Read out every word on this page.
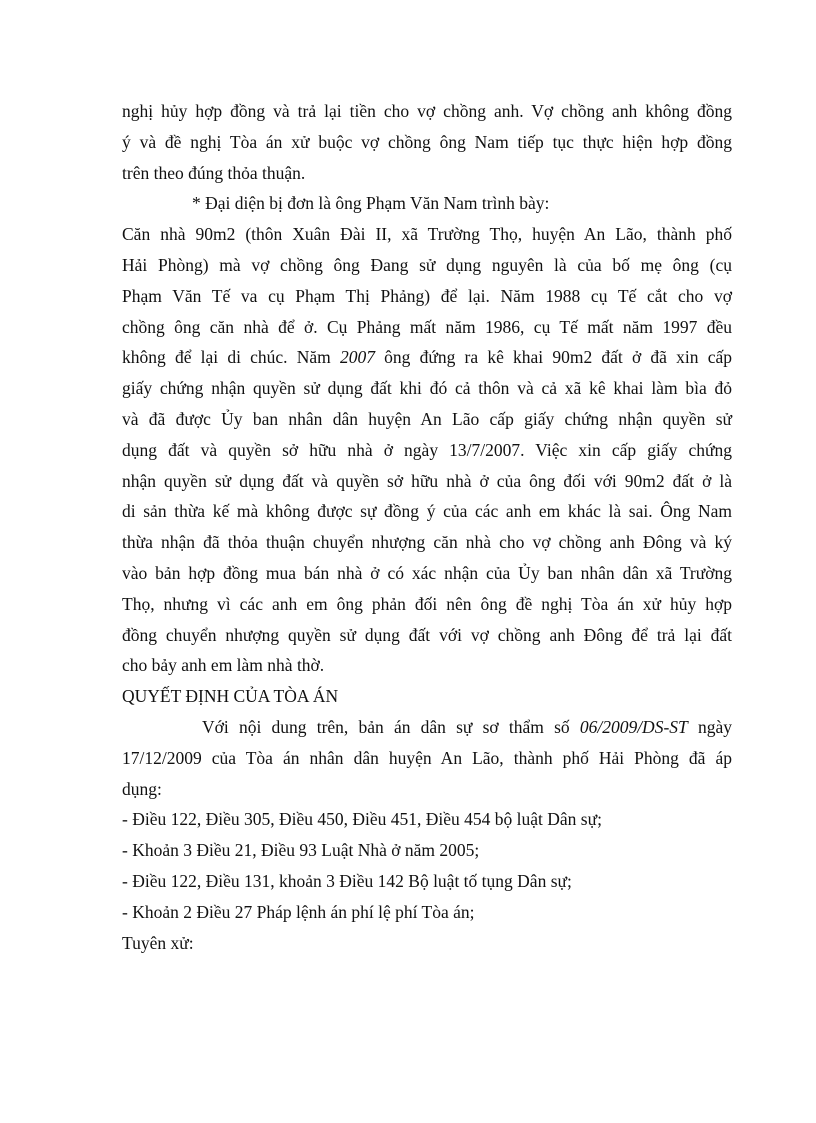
nghị hủy hợp đồng và trả lại tiền cho vợ chồng anh. Vợ chồng anh không đồng

ý và đề nghị Tòa án xử buộc vợ chồng ông Nam tiếp tục thực hiện hợp đồng

trên theo đúng thỏa thuận.

* Đại diện bị đơn là ông Phạm Văn Nam trình bày:

Căn nhà 90m2 (thôn Xuân Đài II, xã Trường Thọ, huyện An Lão, thành phố

Hải Phòng) mà vợ chồng ông Đang sử dụng nguyên là của bố mẹ ông (cụ

Phạm Văn Tế va cụ Phạm Thị Phảng) để lại. Năm 1988 cụ Tế cắt cho vợ

chồng ông căn nhà để ở. Cụ Phảng mất năm 1986, cụ Tế mất năm 1997 đều

không để lại di chúc. Năm 2007 ông đứng ra kê khai 90m2 đất ở đã xin cấp

giấy chứng nhận quyền sử dụng đất khi đó cả thôn và cả xã kê khai làm bìa đỏ

và đã được Ủy ban nhân dân huyện An Lão cấp giấy chứng nhận quyền sử

dụng đất và quyền sở hữu nhà ở ngày 13/7/2007. Việc xin cấp giấy chứng

nhận quyền sử dụng đất và quyền sở hữu nhà ở của ông đối với 90m2 đất ở là

di sản thừa kế mà không được sự đồng ý của các anh em khác là sai. Ông Nam

thừa nhận đã thỏa thuận chuyển nhượng căn nhà cho vợ chồng anh Đông và ký

vào bản hợp đồng mua bán nhà ở có xác nhận của Ủy ban nhân dân xã Trường

Thọ, nhưng vì các anh em ông phản đối nên ông đề nghị Tòa án xử hủy hợp

đồng chuyển nhượng quyền sử dụng đất với vợ chồng anh Đông để trả lại đất

cho bảy anh em làm nhà thờ.

QUYẾT ĐỊNH CỦA TÒA ÁN

Với nội dung trên, bản án dân sự sơ thẩm số 06/2009/DS-ST ngày

17/12/2009 của Tòa án nhân dân huyện An Lão, thành phố Hải Phòng đã áp

dụng:

- Điều 122, Điều 305, Điều 450, Điều 451, Điều 454 bộ luật Dân sự;

- Khoản 3 Điều 21, Điều 93 Luật Nhà ở năm 2005;

- Điều 122, Điều 131, khoản 3 Điều 142 Bộ luật tố tụng Dân sự;

- Khoản 2 Điều 27 Pháp lệnh án phí lệ phí Tòa án;

Tuyên xử:
